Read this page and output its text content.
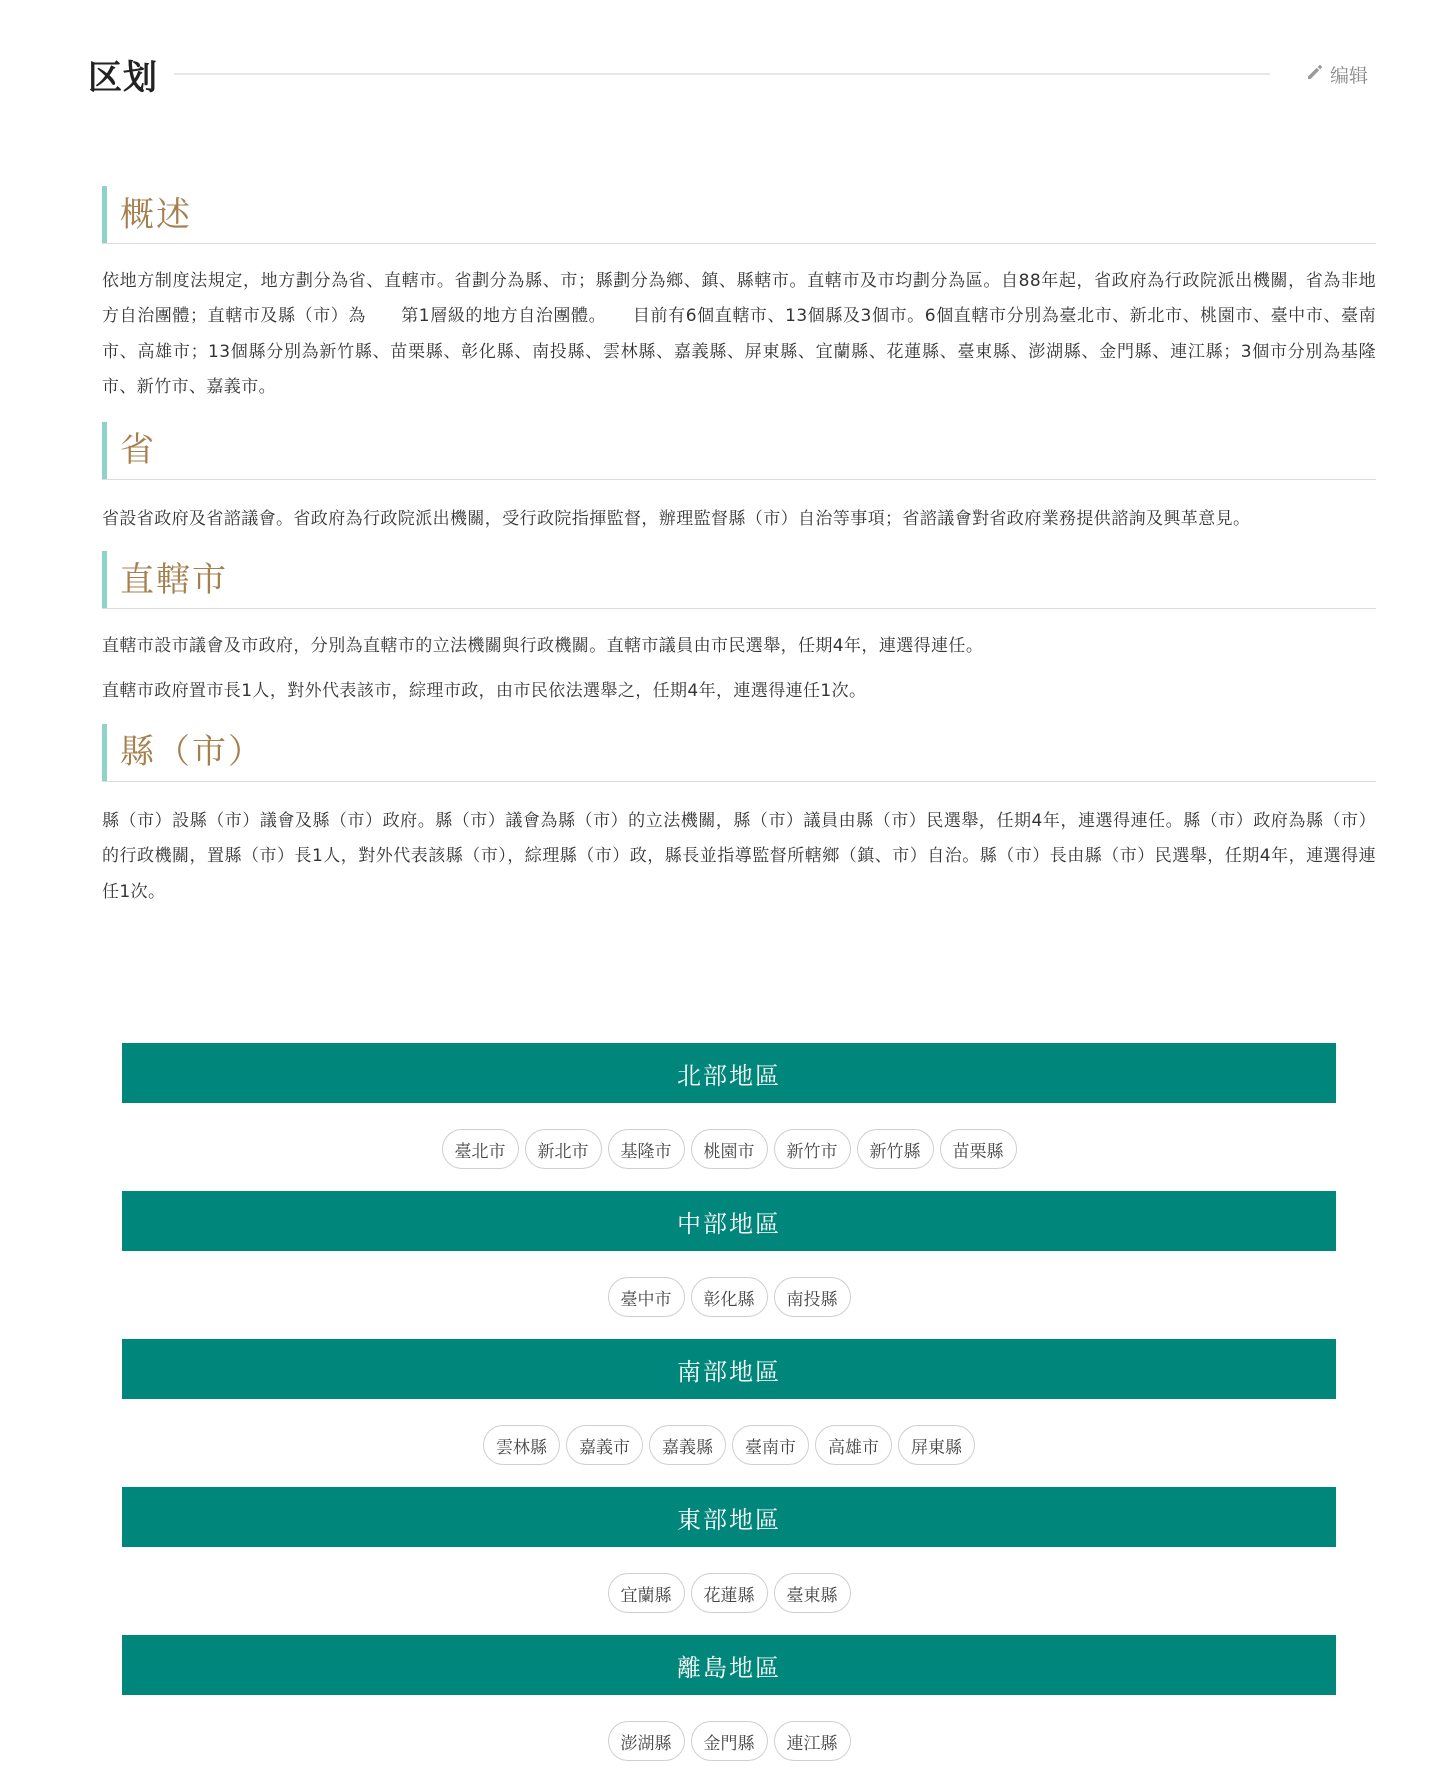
区划	编辑
概述

依地方制度法規定，地方劃分為省、直轄市。省劃分為縣、市；縣劃分為鄉、鎮、縣轄市。直轄市及市均劃分為區。自88年起，省政府為行政院派出機關，省為非地方自治團體；直轄市及縣（市）為　　第1層級的地方自治團體。　　目前有6個直轄市、13個縣及3個市。6個直轄市分別為臺北市、新北市、桃園市、臺中市、臺南市、高雄市；13個縣分別為新竹縣、苗栗縣、彰化縣、南投縣、雲林縣、嘉義縣、屏東縣、宜蘭縣、花蓮縣、臺東縣、澎湖縣、金門縣、連江縣；3個市分別為基隆市、新竹市、嘉義市。

省

省設省政府及省諮議會。省政府為行政院派出機關，受行政院指揮監督，辦理監督縣（市）自治等事項；省諮議會對省政府業務提供諮詢及興革意見。

直轄市

直轄市設市議會及市政府，分別為直轄市的立法機關與行政機關。直轄市議員由市民選舉，任期4年，連選得連任。

直轄市政府置市長1人，對外代表該市，綜理市政，由市民依法選舉之，任期4年，連選得連任1次。

縣（市）

縣（市）設縣（市）議會及縣（市）政府。縣（市）議會為縣（市）的立法機關，縣（市）議員由縣（市）民選舉，任期4年，連選得連任。縣（市）政府為縣（市）的行政機關，置縣（市）長1人，對外代表該縣（市），綜理縣（市）政，縣長並指導監督所轄鄉（鎮、市）自治。縣（市）長由縣（市）民選舉，任期4年，連選得連任1次。

北部地區
臺北市	新北市	基隆市	桃園市	新竹市	新竹縣	苗栗縣
中部地區
臺中市	彰化縣	南投縣
南部地區
雲林縣	嘉義市	嘉義縣	臺南市	高雄市	屏東縣
東部地區
宜蘭縣	花蓮縣	臺東縣
離島地區
澎湖縣	金門縣	連江縣
